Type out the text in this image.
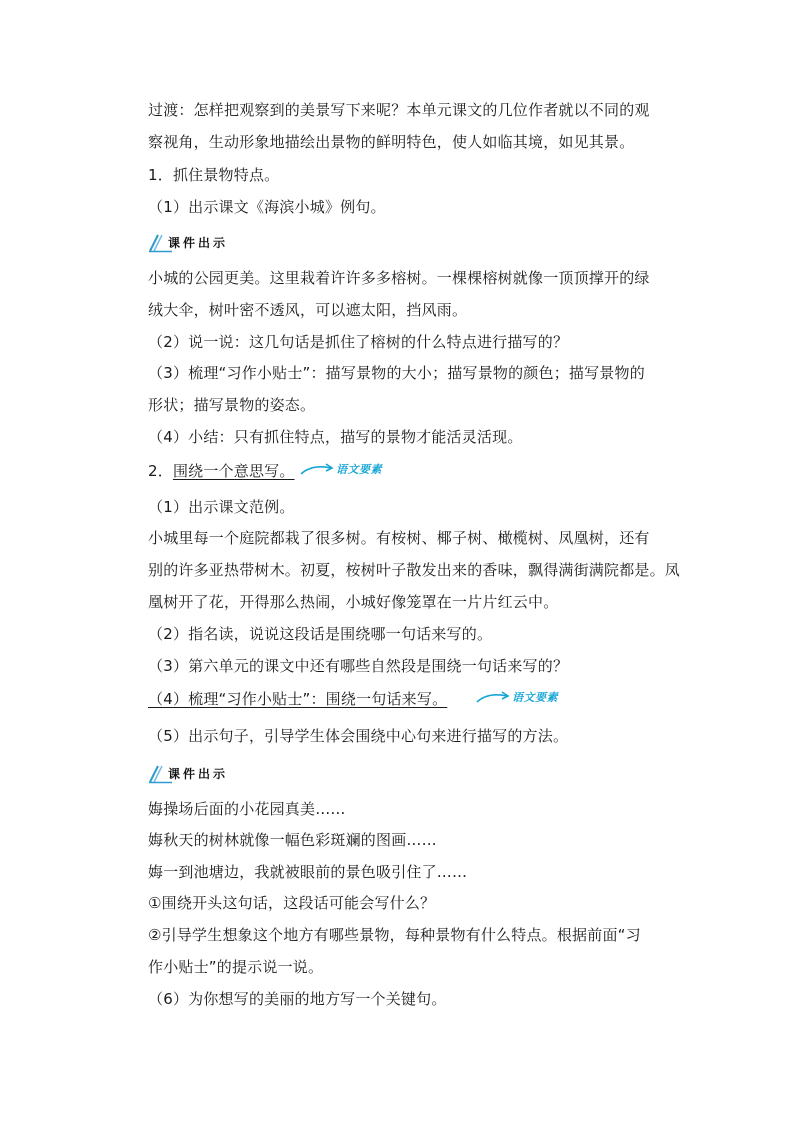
过渡：怎样把观察到的美景写下来呢？本单元课文的几位作者就以不同的观
察视角，生动形象地描绘出景物的鲜明特色，使人如临其境，如见其景。
1．抓住景物特点。
（1）出示课文《海滨小城》例句。
课件出示
小城的公园更美。这里栽着许许多多榕树。一棵棵榕树就像一顶顶撑开的绿
绒大伞，树叶密不透风，可以遮太阳，挡风雨。
（2）说一说：这几句话是抓住了榕树的什么特点进行描写的？
（3）梳理“习作小贴士”：描写景物的大小；描写景物的颜色；描写景物的
形状；描写景物的姿态。
（4）小结：只有抓住特点，描写的景物才能活灵活现。
2．围绕一个意思写。	语文要素
（1）出示课文范例。
小城里每一个庭院都栽了很多树。有桉树、椰子树、橄榄树、凤凰树，还有
别的许多亚热带树木。初夏，桉树叶子散发出来的香味，飘得满街满院都是。凤
凰树开了花，开得那么热闹，小城好像笼罩在一片片红云中。
（2）指名读，说说这段话是围绕哪一句话来写的。
（3）第六单元的课文中还有哪些自然段是围绕一句话来写的？
（4）梳理“习作小贴士”：围绕一句话来写。	语文要素
（5）出示句子，引导学生体会围绕中心句来进行描写的方法。
课件出示
娒操场后面的小花园真美……
娒秋天的树林就像一幅色彩斑斓的图画……
娒一到池塘边，我就被眼前的景色吸引住了……
①围绕开头这句话，这段话可能会写什么？
②引导学生想象这个地方有哪些景物，每种景物有什么特点。根据前面“习
作小贴士”的提示说一说。
（6）为你想写的美丽的地方写一个关键句。
